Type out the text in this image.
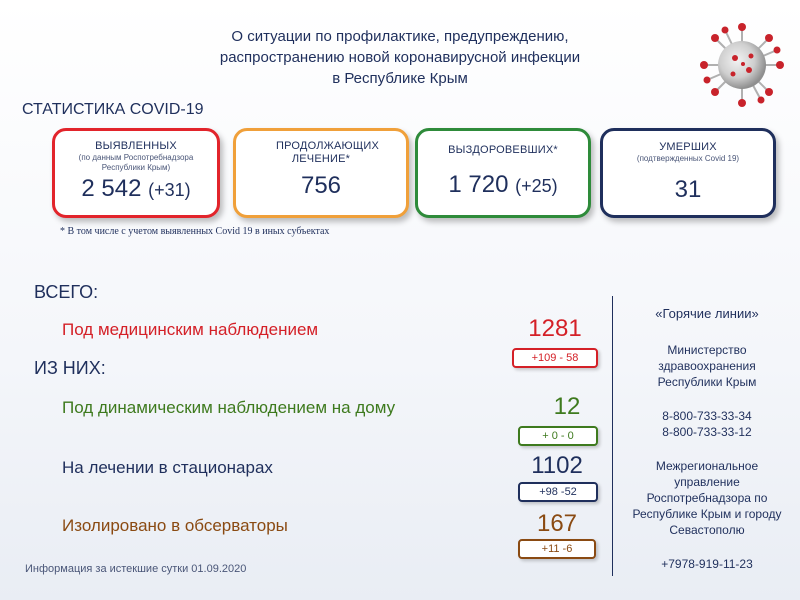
О ситуации по профилактике, предупреждению,
распространению новой коронавирусной инфекции
в Республике Крым
СТАТИСТИКА COVID-19
ВЫЯВЛЕННЫХ
(по данным Роспотребнадзора Республики Крым)
2 542 (+31)
ПРОДОЛЖАЮЩИХ ЛЕЧЕНИЕ*
756
ВЫЗДОРОВЕВШИХ*
1 720 (+25)
УМЕРШИХ
(подтвержденных Covid 19)
31
* В том числе с учетом выявленных Covid 19 в иных субъектах
ВСЕГО:
ИЗ НИХ:
Под медицинским наблюдением	1281
+109 - 58
Под динамическим наблюдением на дому	12
+ 0 - 0
На лечении в стационарах	1102
+98 -52
Изолировано в обсерваторы	167
+11 -6
«Горячие линии»
Министерство здравоохранения Республики Крым
8-800-733-33-34
8-800-733-33-12
Межрегиональное управление Роспотребнадзора по Республике Крым и городу Севастополю
+7978-919-11-23
Информация за истекшие сутки 01.09.2020
